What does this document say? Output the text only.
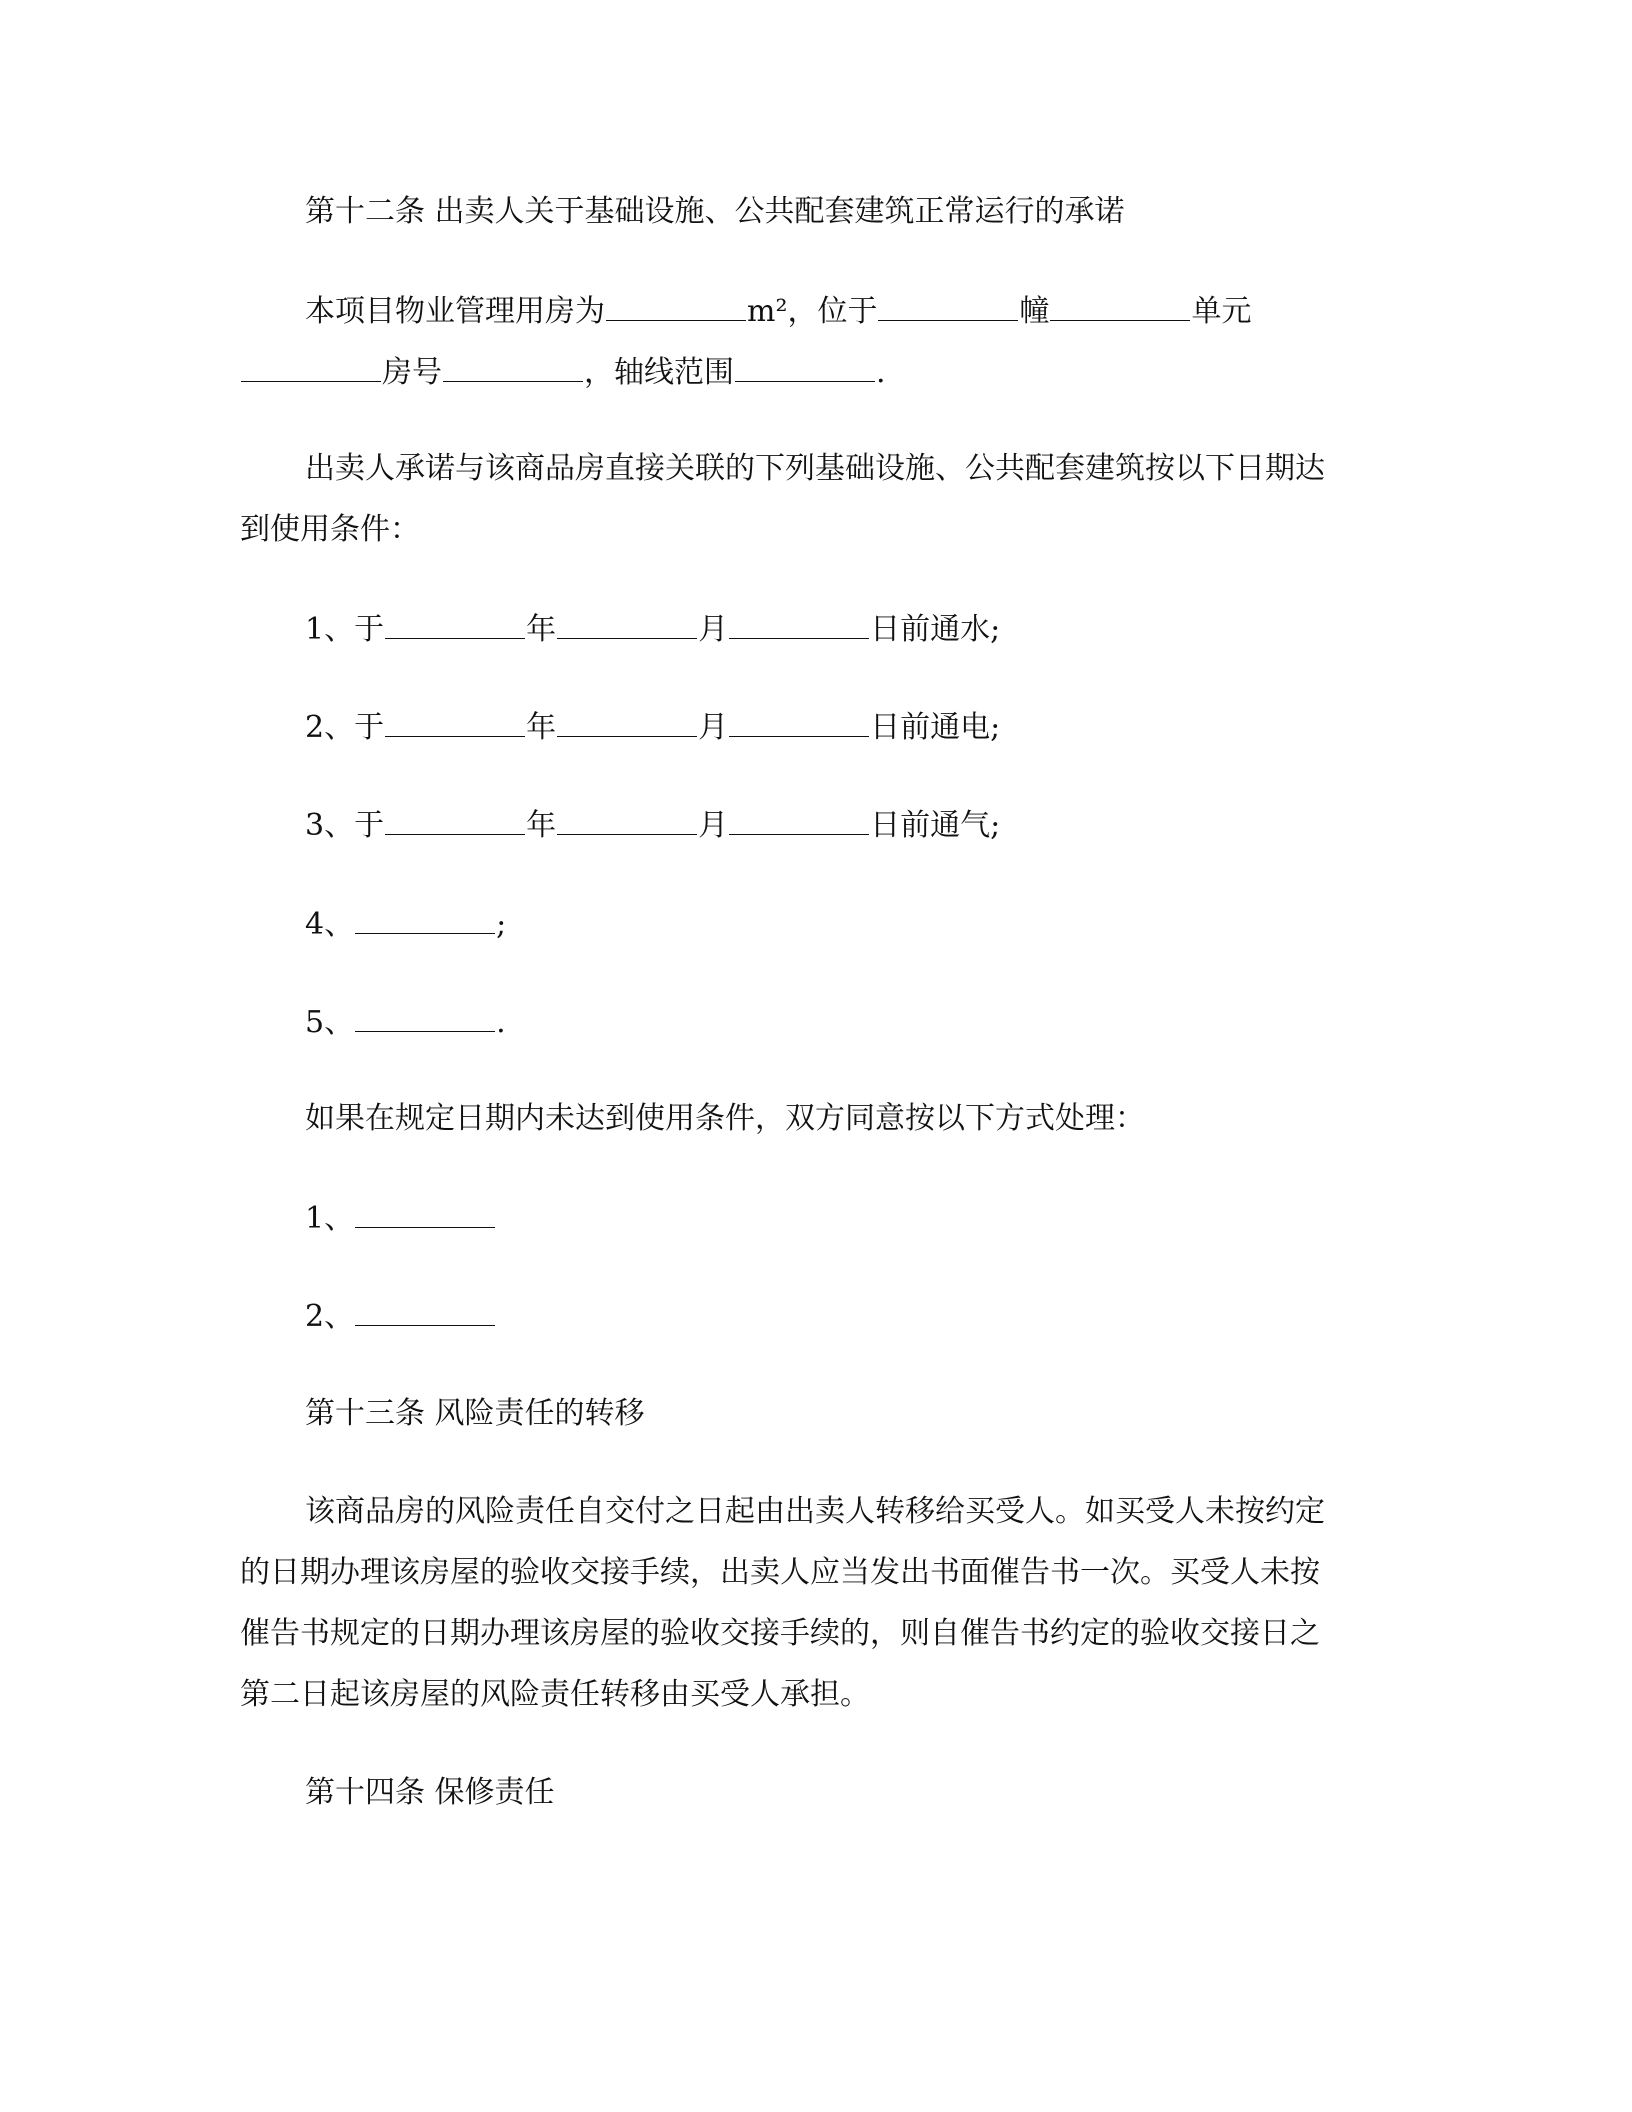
第十二条 出卖人关于基础设施、公共配套建筑正常运行的承诺
本项目物业管理用房为	m²，位于	幢	单元
房号	，轴线范围	.
出卖人承诺与该商品房直接关联的下列基础设施、公共配套建筑按以下日期达
到使用条件：
1、于	年	月	日前通水;
2、于	年	月	日前通电;
3、于	年	月	日前通气;
4、	;
5、	.
如果在规定日期内未达到使用条件，双方同意按以下方式处理：
1、
2、
第十三条 风险责任的转移
该商品房的风险责任自交付之日起由出卖人转移给买受人。如买受人未按约定
的日期办理该房屋的验收交接手续，出卖人应当发出书面催告书一次。买受人未按
催告书规定的日期办理该房屋的验收交接手续的，则自催告书约定的验收交接日之
第二日起该房屋的风险责任转移由买受人承担。
第十四条 保修责任
